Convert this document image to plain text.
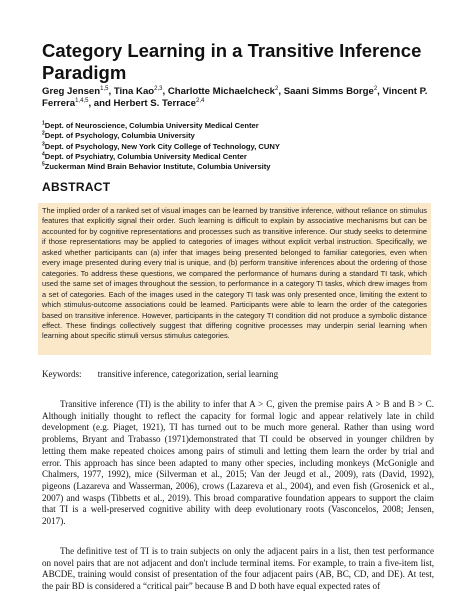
Category Learning in a Transitive Inference Paradigm
Greg Jensen$^{1,5}$, Tina Kao$^{2,3}$, Charlotte Michaelcheck$^2$, Saani Simms Borge$^2$, Vincent P. Ferrera$^{1,4,5}$, and Herbert S. Terrace$^{2,4}$
$^1$Dept. of Neuroscience, Columbia University Medical Center
$^2$Dept. of Psychology, Columbia University
$^3$Dept. of Psychology, New York City College of Technology, CUNY
$^4$Dept. of Psychiatry, Columbia University Medical Center
$^5$Zuckerman Mind Brain Behavior Institute, Columbia University
ABSTRACT
The implied order of a ranked set of visual images can be learned by transitive inference, without reliance on stimulus features that explicitly signal their order. Such learning is difficult to explain by associative mechanisms but can be accounted for by cognitive representations and processes such as transitive inference. Our study seeks to determine if those representations may be applied to categories of images without explicit verbal instruction. Specifically, we asked whether participants can (a) infer that images being presented belonged to familiar categories, even when every image presented during every trial is unique, and (b) perform transitive inferences about the ordering of those categories. To address these questions, we compared the performance of humans during a standard TI task, which used the same set of images throughout the session, to performance in a category TI tasks, which drew images from a set of categories. Each of the images used in the category TI task was only presented once, limiting the extent to which stimulus-outcome associations could be learned. Participants were able to learn the order of the categories based on transitive inference. However, participants in the category TI condition did not produce a symbolic distance effect. These findings collectively suggest that differing cognitive processes may underpin serial learning when learning about specific stimuli versus stimulus categories.
Keywords: transitive inference, categorization, serial learning
Transitive inference (TI) is the ability to infer that A > C, given the premise pairs A > B and B > C. Although initially thought to reflect the capacity for formal logic and appear relatively late in child development (e.g. Piaget, 1921), TI has turned out to be much more general. Rather than using word problems, Bryant and Trabasso (1971)demonstrated that TI could be observed in younger children by letting them make repeated choices among pairs of stimuli and letting them learn the order by trial and error. This approach has since been adapted to many other species, including monkeys (McGonigle and Chalmers, 1977, 1992), mice (Silverman et al., 2015; Van der Jeugd et al., 2009), rats (David, 1992), pigeons (Lazareva and Wasserman, 2006), crows (Lazareva et al., 2004), and even fish (Grosenick et al., 2007) and wasps (Tibbetts et al., 2019). This broad comparative foundation appears to support the claim that TI is a well-preserved cognitive ability with deep evolutionary roots (Vasconcelos, 2008; Jensen, 2017).
The definitive test of TI is to train subjects on only the adjacent pairs in a list, then test performance on novel pairs that are not adjacent and don't include terminal items. For example, to train a five-item list, ABCDE, training would consist of presentation of the four adjacent pairs (AB, BC, CD, and DE). At test, the pair BD is considered a “critical pair” because B and D both have equal expected rates of
